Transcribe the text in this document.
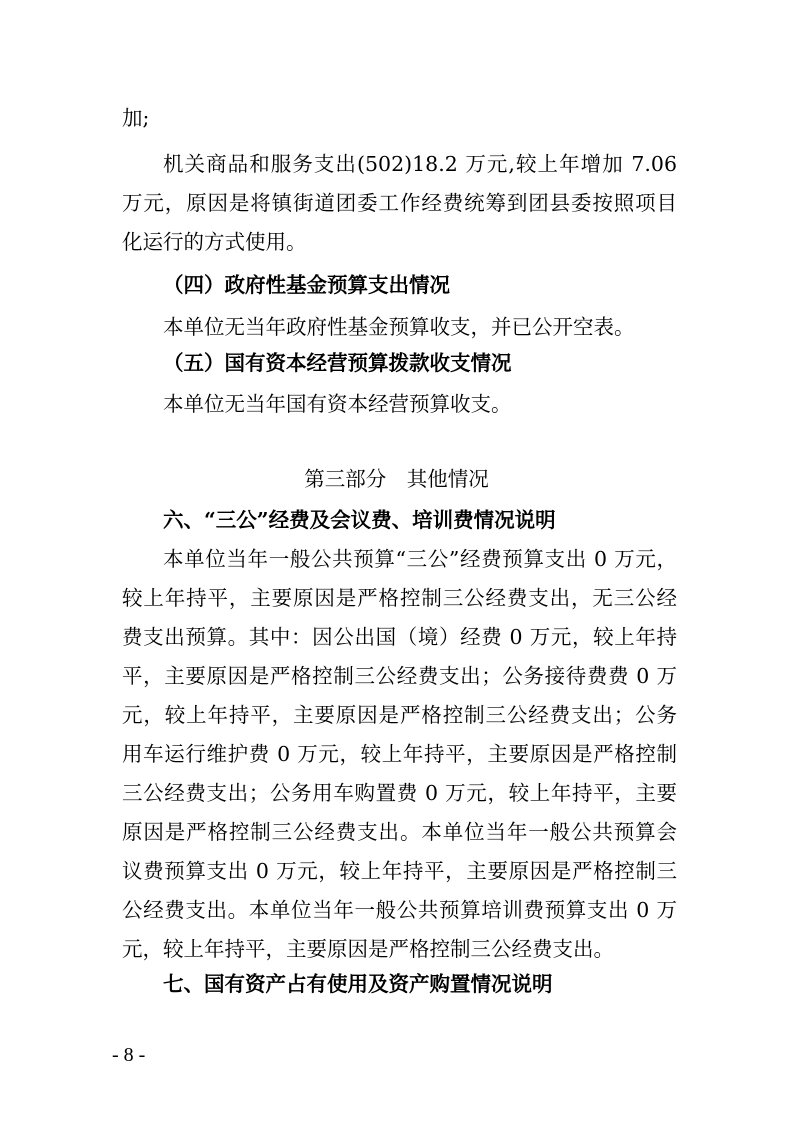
加;
机关商品和服务支出(502)18.2 万元,较上年增加 7.06
万元，原因是将镇街道团委工作经费统筹到团县委按照项目
化运行的方式使用。
（四）政府性基金预算支出情况
本单位无当年政府性基金预算收支，并已公开空表。
（五）国有资本经营预算拨款收支情况
本单位无当年国有资本经营预算收支。
第三部分　其他情况
六、“三公”经费及会议费、培训费情况说明
本单位当年一般公共预算“三公”经费预算支出 0 万元，
较上年持平，主要原因是严格控制三公经费支出，无三公经
费支出预算。其中：因公出国（境）经费 0 万元，较上年持
平，主要原因是严格控制三公经费支出；公务接待费费 0 万
元，较上年持平，主要原因是严格控制三公经费支出；公务
用车运行维护费 0 万元，较上年持平，主要原因是严格控制
三公经费支出；公务用车购置费 0 万元，较上年持平，主要
原因是严格控制三公经费支出。本单位当年一般公共预算会
议费预算支出 0 万元，较上年持平，主要原因是严格控制三
公经费支出。本单位当年一般公共预算培训费预算支出 0 万
元，较上年持平，主要原因是严格控制三公经费支出。
七、国有资产占有使用及资产购置情况说明
- 8 -
